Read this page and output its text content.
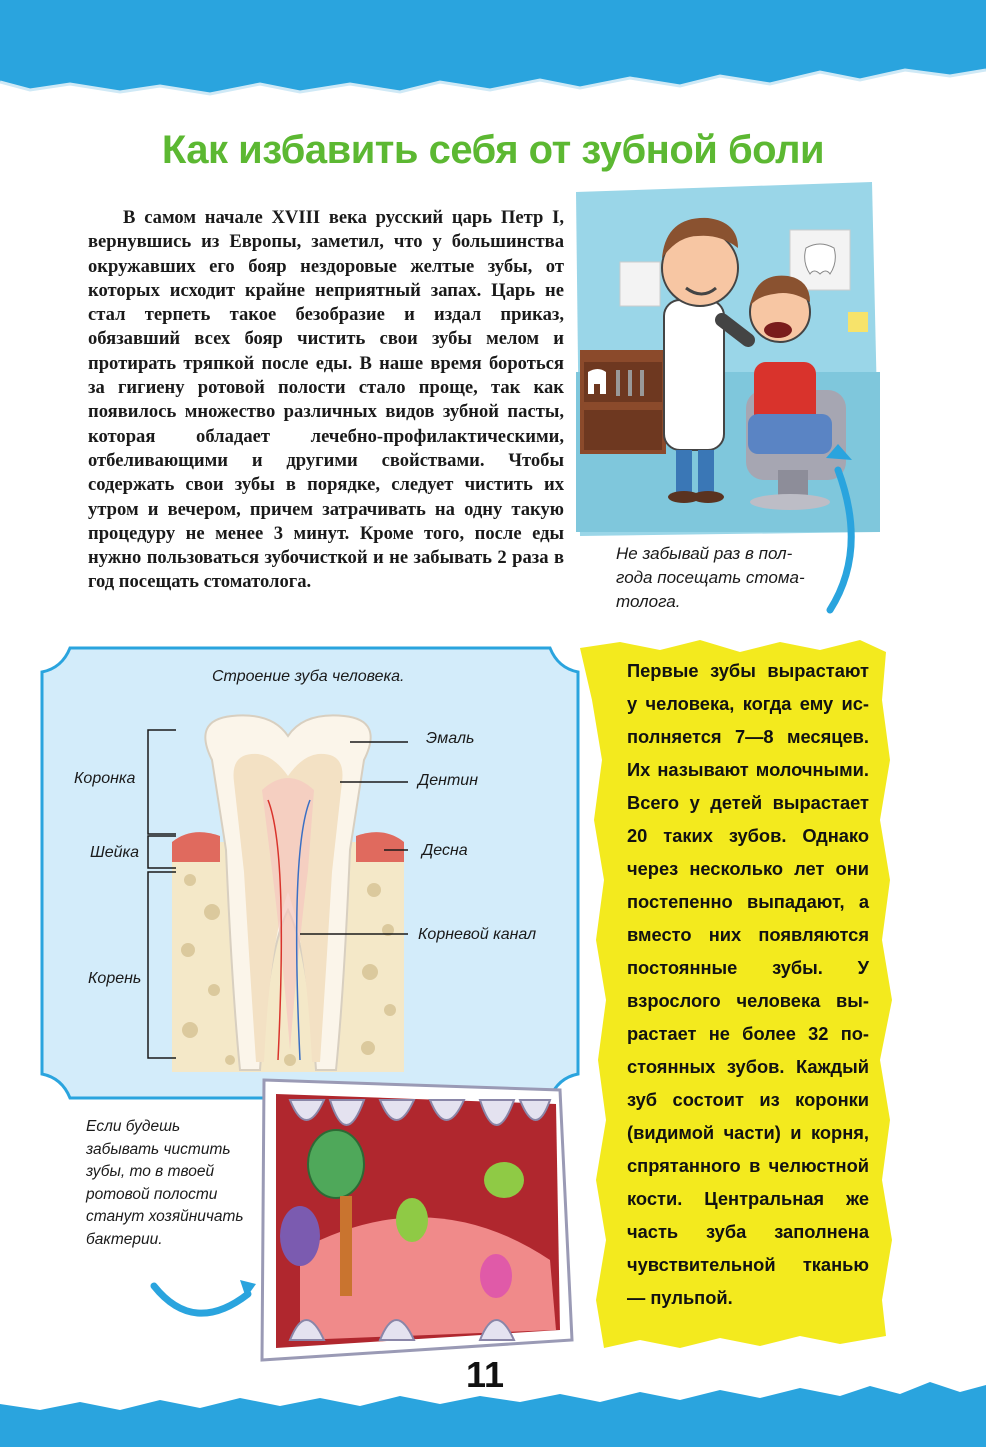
Как избавить себя от зубной боли

В самом начале XVIII века русский царь Петр I, вернувшись из Европы, заметил, что у большинства окружавших его бояр нездоровые желтые зубы, от которых исходит крайне неприятный запах. Царь не стал терпеть такое безобразие и издал приказ, обязавший всех бояр чистить свои зубы мелом и протирать тряпкой после еды. В наше время бороться за гигиену ротовой полости стало проще, так как появилось множество различных видов зубной пасты, которая обладает лечебно-профилактическими, отбеливающими и другими свойствами. Чтобы содержать свои зубы в порядке, следует чистить их утром и вечером, причем затрачивать на одну такую процедуру не менее 3 минут. Кроме того, после еды нужно пользоваться зубочисткой и не забывать 2 раза в год посещать стоматолога.

Не забывай раз в полгода посещать стоматолога.
Строение зуба человека.
Эмаль
Дентин
Десна
Корневой канал
Коронка
Шейка
Корень
Первые зубы вырастают у человека, когда ему исполняется 7—8 месяцев. Их называют молочными. Всего у детей вырастает 20 таких зубов. Однако через несколько лет они постепенно выпадают, а вместо них появляются постоянные зубы. У взрослого человека вырастает не более 32 постоянных зубов. Каждый зуб состоит из коронки (видимой части) и корня, спрятанного в челюстной кости. Центральная же часть зуба заполнена чувствительной тканью — пульпой.
Если будешь забывать чистить зубы, то в твоей ротовой полости станут хозяйничать бактерии.
11
